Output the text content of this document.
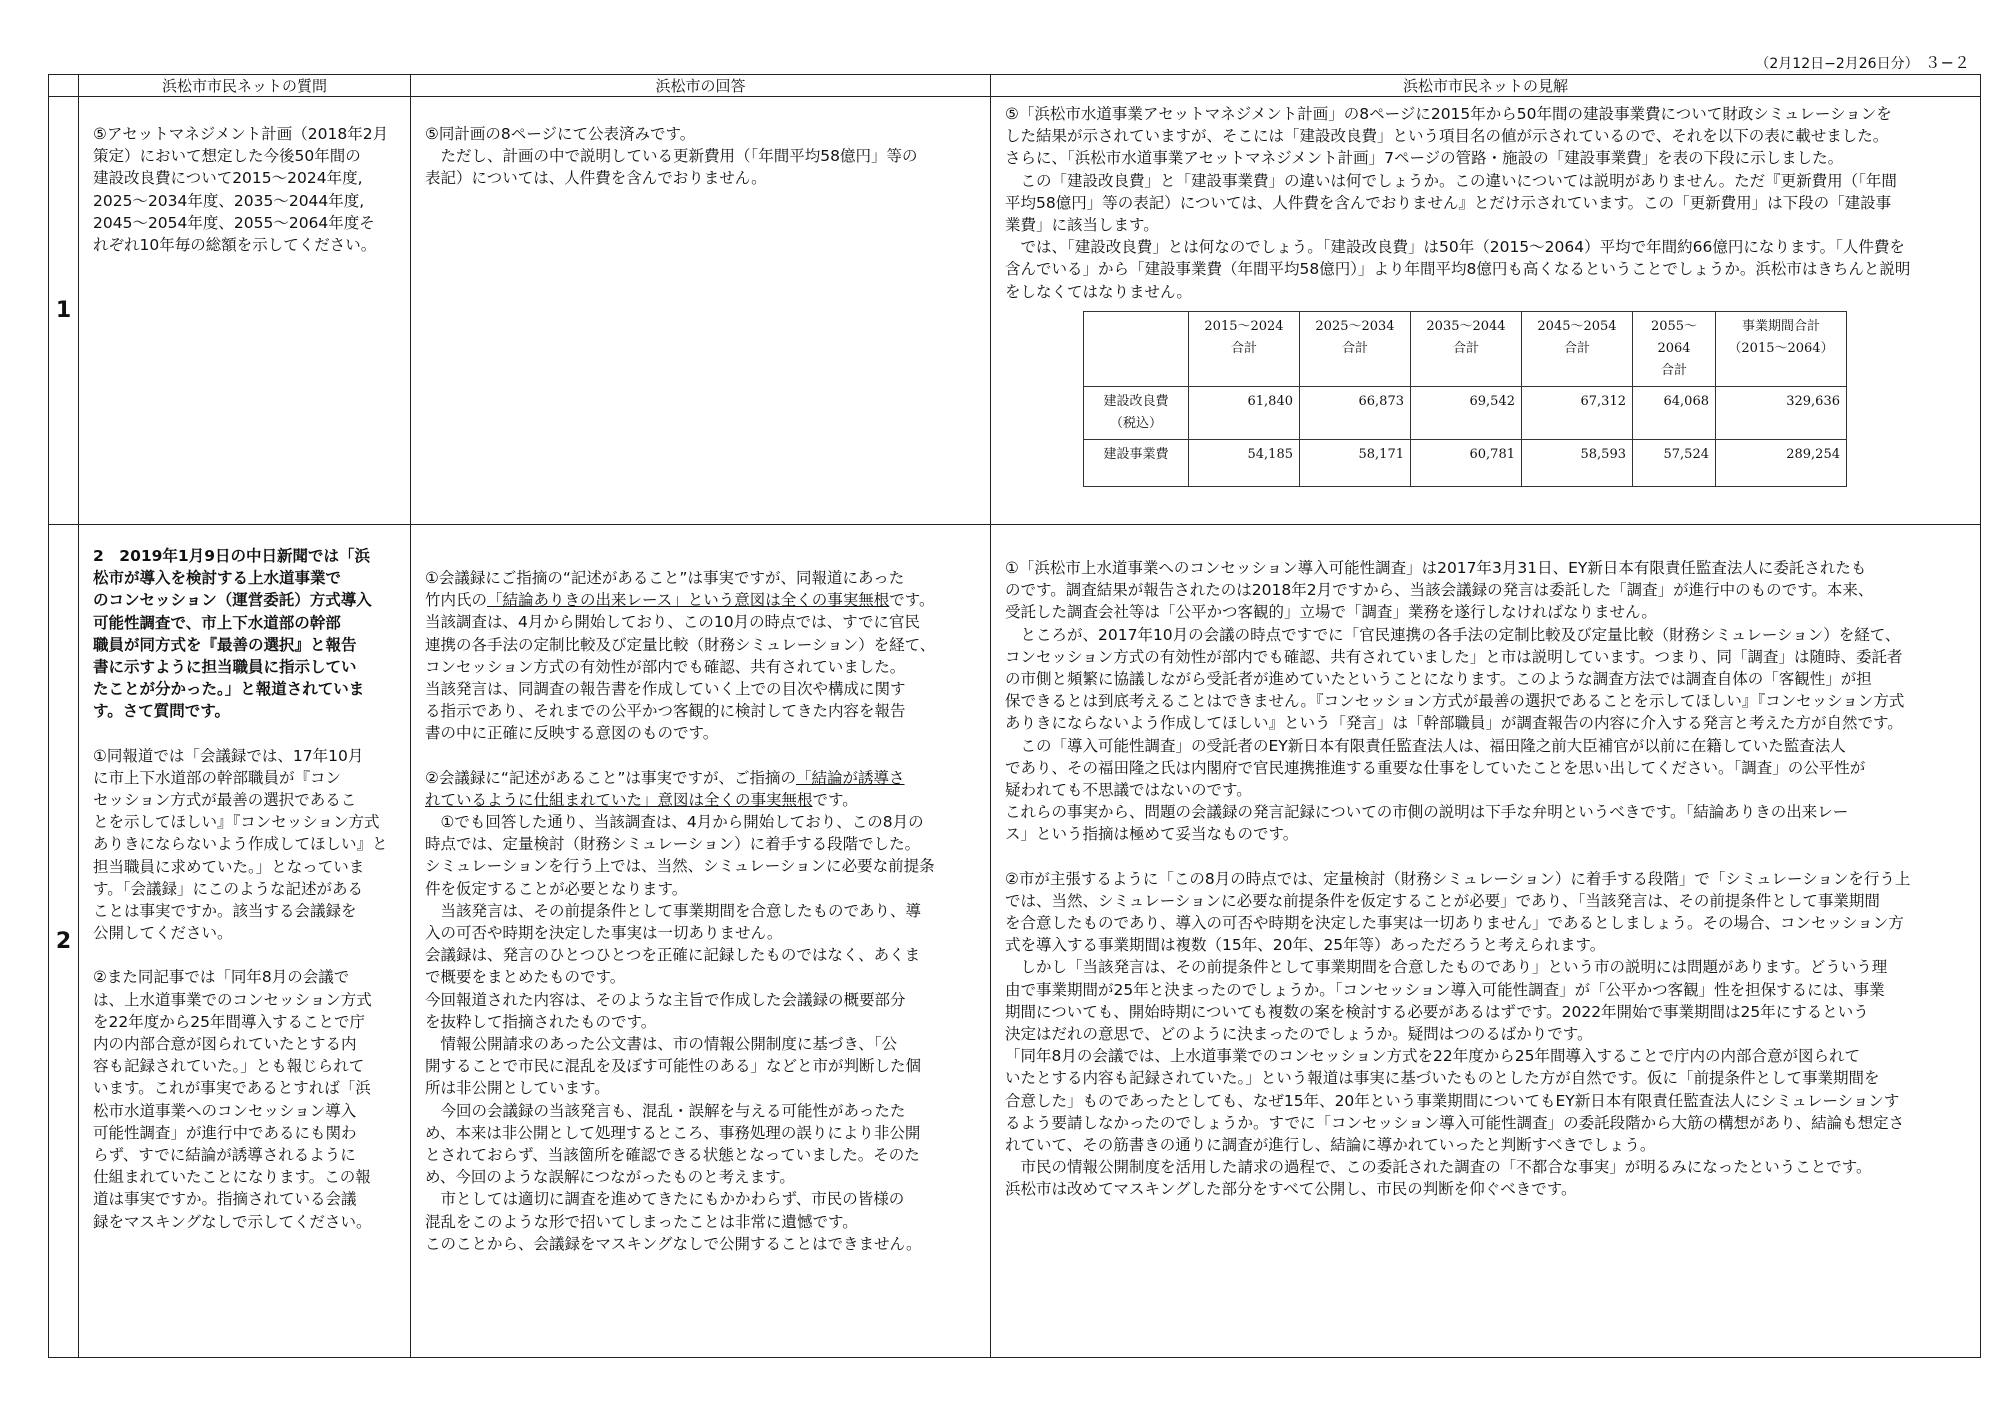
（2月12日−2月26日分） ３−２
	浜松市市民ネットの質問	浜松市の回答	浜松市市民ネットの見解
1	
⑤アセットマネジメント計画（2018年2月
策定）において想定した今後50年間の
建設改良費について2015〜2024年度,
2025〜2034年度、2035〜2044年度,
2045〜2054年度、2055〜2064年度そ
れぞれ10年毎の総額を示してください。

⑤同計画の8ページにて公表済みです。
　ただし、計画の中で説明している更新費用（「年間平均58億円」等の
表記）については、人件費を含んでおりません。

⑤「浜松市水道事業アセットマネジメント計画」の8ページに2015年から50年間の建設事業費について財政シミュレーションを
した結果が示されていますが、そこには「建設改良費」という項目名の値が示されているので、それを以下の表に載せました。
さらに、「浜松市水道事業アセットマネジメント計画」7ページの管路・施設の「建設事業費」を表の下段に示しました。
　この「建設改良費」と「建設事業費」の違いは何でしょうか。この違いについては説明がありません。ただ『更新費用（「年間
平均58億円」等の表記）については、人件費を含んでおりません』とだけ示されています。この「更新費用」は下段の「建設事
業費」に該当します。
　では、「建設改良費」とは何なのでしょう。「建設改良費」は50年（2015〜2064）平均で年間約66億円になります。「人件費を
含んでいる」から「建設事業費（年間平均58億円）」より年間平均8億円も高くなるということでしょうか。浜松市はきちんと説明
をしなくてはなりません。
	2015〜2024
合計	2025〜2034
合計	2035〜2044
合計	2045〜2054
合計	2055〜
2064
合計	事業期間合計
（2015〜2064）
建設改良費
（税込）	61,840	66,873	69,542	67,312	64,068	329,636
建設事業費	54,185	58,171	60,781	58,593	57,524	289,254

2	
2　2019年1月9日の中日新聞では「浜
松市が導入を検討する上水道事業で
のコンセッション（運営委託）方式導入
可能性調査で、市上下水道部の幹部
職員が同方式を『最善の選択』と報告
書に示すように担当職員に指示してい
たことが分かった。」と報道されていま
す。さて質問です。
①同報道では「会議録では、17年10月
に市上下水道部の幹部職員が『コン
セッション方式が最善の選択であるこ
とを示してほしい』『コンセッション方式
ありきにならないよう作成してほしい』と
担当職員に求めていた。」となっていま
す。「会議録」にこのような記述がある
ことは事実ですか。該当する会議録を
公開してください。
②また同記事では「同年8月の会議で
は、上水道事業でのコンセッション方式
を22年度から25年間導入することで庁
内の内部合意が図られていたとする内
容も記録されていた。」とも報じられて
います。これが事実であるとすれば「浜
松市水道事業へのコンセッション導入
可能性調査」が進行中であるにも関わ
らず、すでに結論が誘導されるように
仕組まれていたことになります。この報
道は事実ですか。指摘されている会議
録をマスキングなしで示してください。

①会議録にご指摘の“記述があること”は事実ですが、同報道にあった
竹内氏の「結論ありきの出来レース」という意図は全くの事実無根です。
当該調査は、4月から開始しており、この10月の時点では、すでに官民
連携の各手法の定制比較及び定量比較（財務シミュレーション）を経て、
コンセッション方式の有効性が部内でも確認、共有されていました。
当該発言は、同調査の報告書を作成していく上での目次や構成に関す
る指示であり、それまでの公平かつ客観的に検討してきた内容を報告
書の中に正確に反映する意図のものです。
②会議録に“記述があること”は事実ですが、ご指摘の「結論が誘導さ
れているように仕組まれていた」意図は全くの事実無根です。
　①でも回答した通り、当該調査は、4月から開始しており、この8月の
時点では、定量検討（財務シミュレーション）に着手する段階でした。
シミュレーションを行う上では、当然、シミュレーションに必要な前提条
件を仮定することが必要となります。
　当該発言は、その前提条件として事業期間を合意したものであり、導
入の可否や時期を決定した事実は一切ありません。
会議録は、発言のひとつひとつを正確に記録したものではなく、あくま
で概要をまとめたものです。
今回報道された内容は、そのような主旨で作成した会議録の概要部分
を抜粋して指摘されたものです。
　情報公開請求のあった公文書は、市の情報公開制度に基づき、「公
開することで市民に混乱を及ぼす可能性のある」などと市が判断した個
所は非公開としています。
　今回の会議録の当該発言も、混乱・誤解を与える可能性があったた
め、本来は非公開として処理するところ、事務処理の誤りにより非公開
とされておらず、当該箇所を確認できる状態となっていました。そのた
め、今回のような誤解につながったものと考えます。
　市としては適切に調査を進めてきたにもかかわらず、市民の皆様の
混乱をこのような形で招いてしまったことは非常に遺憾です。
このことから、会議録をマスキングなしで公開することはできません。

①「浜松市上水道事業へのコンセッション導入可能性調査」は2017年3月31日、EY新日本有限責任監査法人に委託されたも
のです。調査結果が報告されたのは2018年2月ですから、当該会議録の発言は委託した「調査」が進行中のものです。本来、
受託した調査会社等は「公平かつ客観的」立場で「調査」業務を遂行しなければなりません。
　ところが、2017年10月の会議の時点ですでに「官民連携の各手法の定制比較及び定量比較（財務シミュレーション）を経て、
コンセッション方式の有効性が部内でも確認、共有されていました」と市は説明しています。つまり、同「調査」は随時、委託者
の市側と頻繁に協議しながら受託者が進めていたということになります。このような調査方法では調査自体の「客観性」が担
保できるとは到底考えることはできません。『コンセッション方式が最善の選択であることを示してほしい』『コンセッション方式
ありきにならないよう作成してほしい』という「発言」は「幹部職員」が調査報告の内容に介入する発言と考えた方が自然です。
　この「導入可能性調査」の受託者のEY新日本有限責任監査法人は、福田隆之前大臣補官が以前に在籍していた監査法人
であり、その福田隆之氏は内閣府で官民連携推進する重要な仕事をしていたことを思い出してください。「調査」の公平性が
疑われても不思議ではないのです。
これらの事実から、問題の会議録の発言記録についての市側の説明は下手な弁明というべきです。「結論ありきの出来レー
ス」という指摘は極めて妥当なものです。
②市が主張するように「この8月の時点では、定量検討（財務シミュレーション）に着手する段階」で「シミュレーションを行う上
では、当然、シミュレーションに必要な前提条件を仮定することが必要」であり、「当該発言は、その前提条件として事業期間
を合意したものであり、導入の可否や時期を決定した事実は一切ありません」であるとしましょう。その場合、コンセッション方
式を導入する事業期間は複数（15年、20年、25年等）あっただろうと考えられます。
　しかし「当該発言は、その前提条件として事業期間を合意したものであり」という市の説明には問題があります。どういう理
由で事業期間が25年と決まったのでしょうか。「コンセッション導入可能性調査」が「公平かつ客観」性を担保するには、事業
期間についても、開始時期についても複数の案を検討する必要があるはずです。2022年開始で事業期間は25年にするという
決定はだれの意思で、どのように決まったのでしょうか。疑問はつのるばかりです。
「同年8月の会議では、上水道事業でのコンセッション方式を22年度から25年間導入することで庁内の内部合意が図られて
いたとする内容も記録されていた。」という報道は事実に基づいたものとした方が自然です。仮に「前提条件として事業期間を
合意した」ものであったとしても、なぜ15年、20年という事業期間についてもEY新日本有限責任監査法人にシミュレーションす
るよう要請しなかったのでしょうか。すでに「コンセッション導入可能性調査」の委託段階から大筋の構想があり、結論も想定さ
れていて、その筋書きの通りに調査が進行し、結論に導かれていったと判断すべきでしょう。
　市民の情報公開制度を活用した請求の過程で、この委託された調査の「不都合な事実」が明るみになったということです。
浜松市は改めてマスキングした部分をすべて公開し、市民の判断を仰ぐべきです。
